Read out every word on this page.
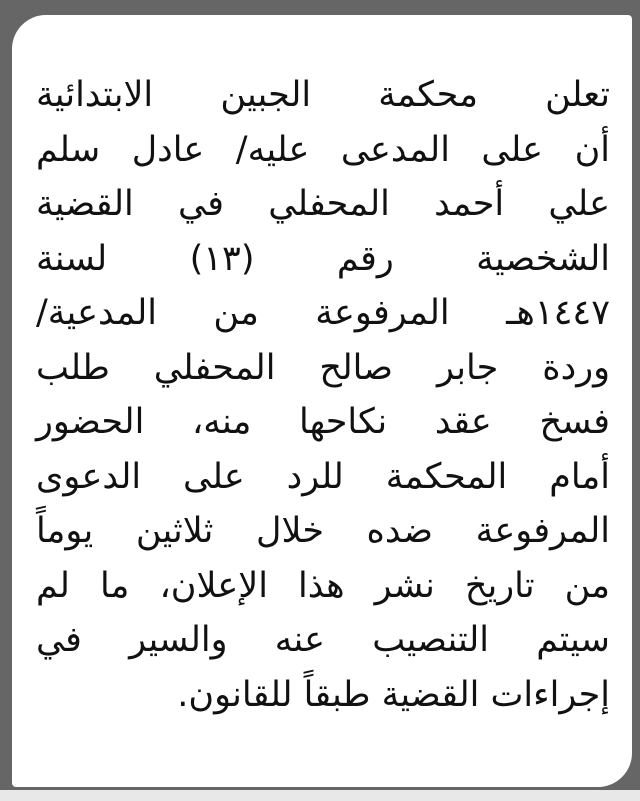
تعلن محكمة الجبين الابتدائية
أن على المدعى عليه/ عادل سلم
علي أحمد المحفلي في القضية
الشخصية رقم (١٣) لسنة
١٤٤٧هـ المرفوعة من المدعية/
وردة جابر صالح المحفلي طلب
فسخ عقد نكاحها منه، الحضور
أمام المحكمة للرد على الدعوى
المرفوعة ضده خلال ثلاثين يوماً
من تاريخ نشر هذا الإعلان، ما لم
سيتم التنصيب عنه والسير في
إجراءات القضية طبقاً للقانون.
